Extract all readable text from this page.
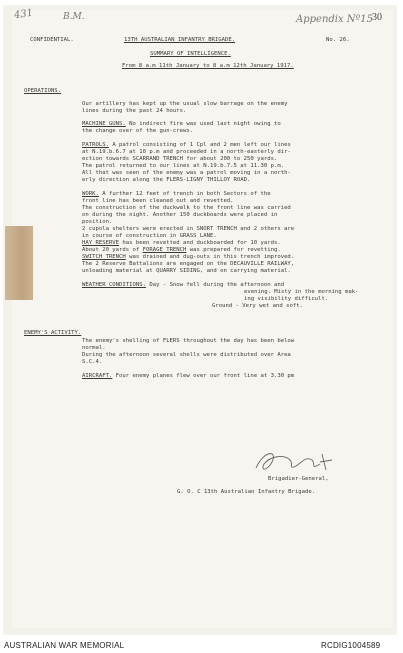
431	B.M.	Appendix Nº15 30
CONFIDENTIAL.	13TH AUSTRALIAN INFANTRY BRIGADE.	No. 26.
SUMMARY OF INTELLIGENCE.
From 8 a.m 11th January to 8 a.m 12th January 1917.
OPERATIONS.
Our artillery has kept up the usual slow barrage on the enemy
lines during the past 24 hours.
MACHINE GUNS. No indirect fire was used last night owing to
the change over of the gun-crews.
PATROLS. A patrol consisting of 1 Cpl and 2 men left our lines
at N.19.b.6.7 at 10 p.m and proceeded in a north-easterly dir-
ection towards SCARRAND TRENCH for about 200 to 250 yards.
The patrol returned to our lines at N.19.b.7.5 at 11.30 p.m.
All that was seen of the enemy was a patrol moving in a north-
erly direction along the FLERS-LIGNY THILLOY ROAD.
WORK. A further 12 feet of trench in both Sectors of the
front line has been cleaned out and revetted.
The construction of the duckwalk to the front line was carried
on during the night. Another 150 duckboards were placed in
position.
2 cupola shelters were erected in SNORT TRENCH and 2 others are
in course of construction in GRASS LANE.
HAY RESERVE has been revetted and duckboarded for 10 yards.
About 20 yards of FORAGE TRENCH was prepared for revetting.
SWITCH TRENCH was drained and dug-outs in this trench improved.
The 2 Reserve Battalions are engaged on the DECAUVILLE RAILWAY,
unloading material at QUARRY SIDING, and on carrying material.
WEATHER CONDITIONS. Day - Snow fell during the afternoon and
evening. Misty in the morning mak-
ing visibility difficult.
Ground - Very wet and soft.
ENEMY'S ACTIVITY.
The enemy's shelling of FLERS throughout the day has been below
normal.
During the afternoon several shells were distributed over Area
S.C.4.
AIRCRAFT. Four enemy planes flew over our front line at 3.30 pm
Brigadier-General,
G. O. C 13th Australian Infantry Brigade.
AUSTRALIAN WAR MEMORIAL	RCDIG1004589
